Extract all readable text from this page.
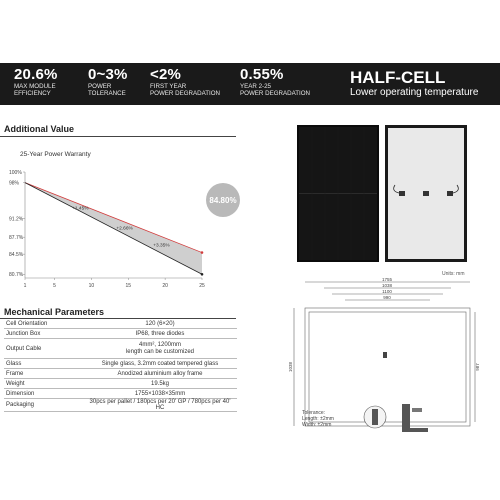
20.6%
MAX MODULE
EFFICIENCY
0~3%
POWER
TOLERANCE
<2%
FIRST YEAR
POWER DEGRADATION
0.55%
YEAR 2-25
POWER DEGRADATION
HALF-CELL
Lower operating temperature
Additional Value
25-Year Power Warranty
100%
98%
91.2%
87.7%
84.5%
80.7%
1	5	10	15	20	25
+1.45%
+2.66%
+3.35%
84.80%
Mechanical Parameters
Cell Orientation	120 (6×20)
Junction Box	IP68, three diodes
Output Cable	4mm², 1200mm
length can be customized

Glass	Single glass, 3.2mm coated tempered glass
Frame	Anodized aluminium alloy frame
Weight	19.5kg
Dimension	1755×1038×35mm
Packaging	30pcs per pallet / 180pcs per 20' GP / 780pcs per 40' HC
Units: mm
1755
1038
1100
990
1038	987
Tolerance:
Length: ±2mm
Width: ±2mm
